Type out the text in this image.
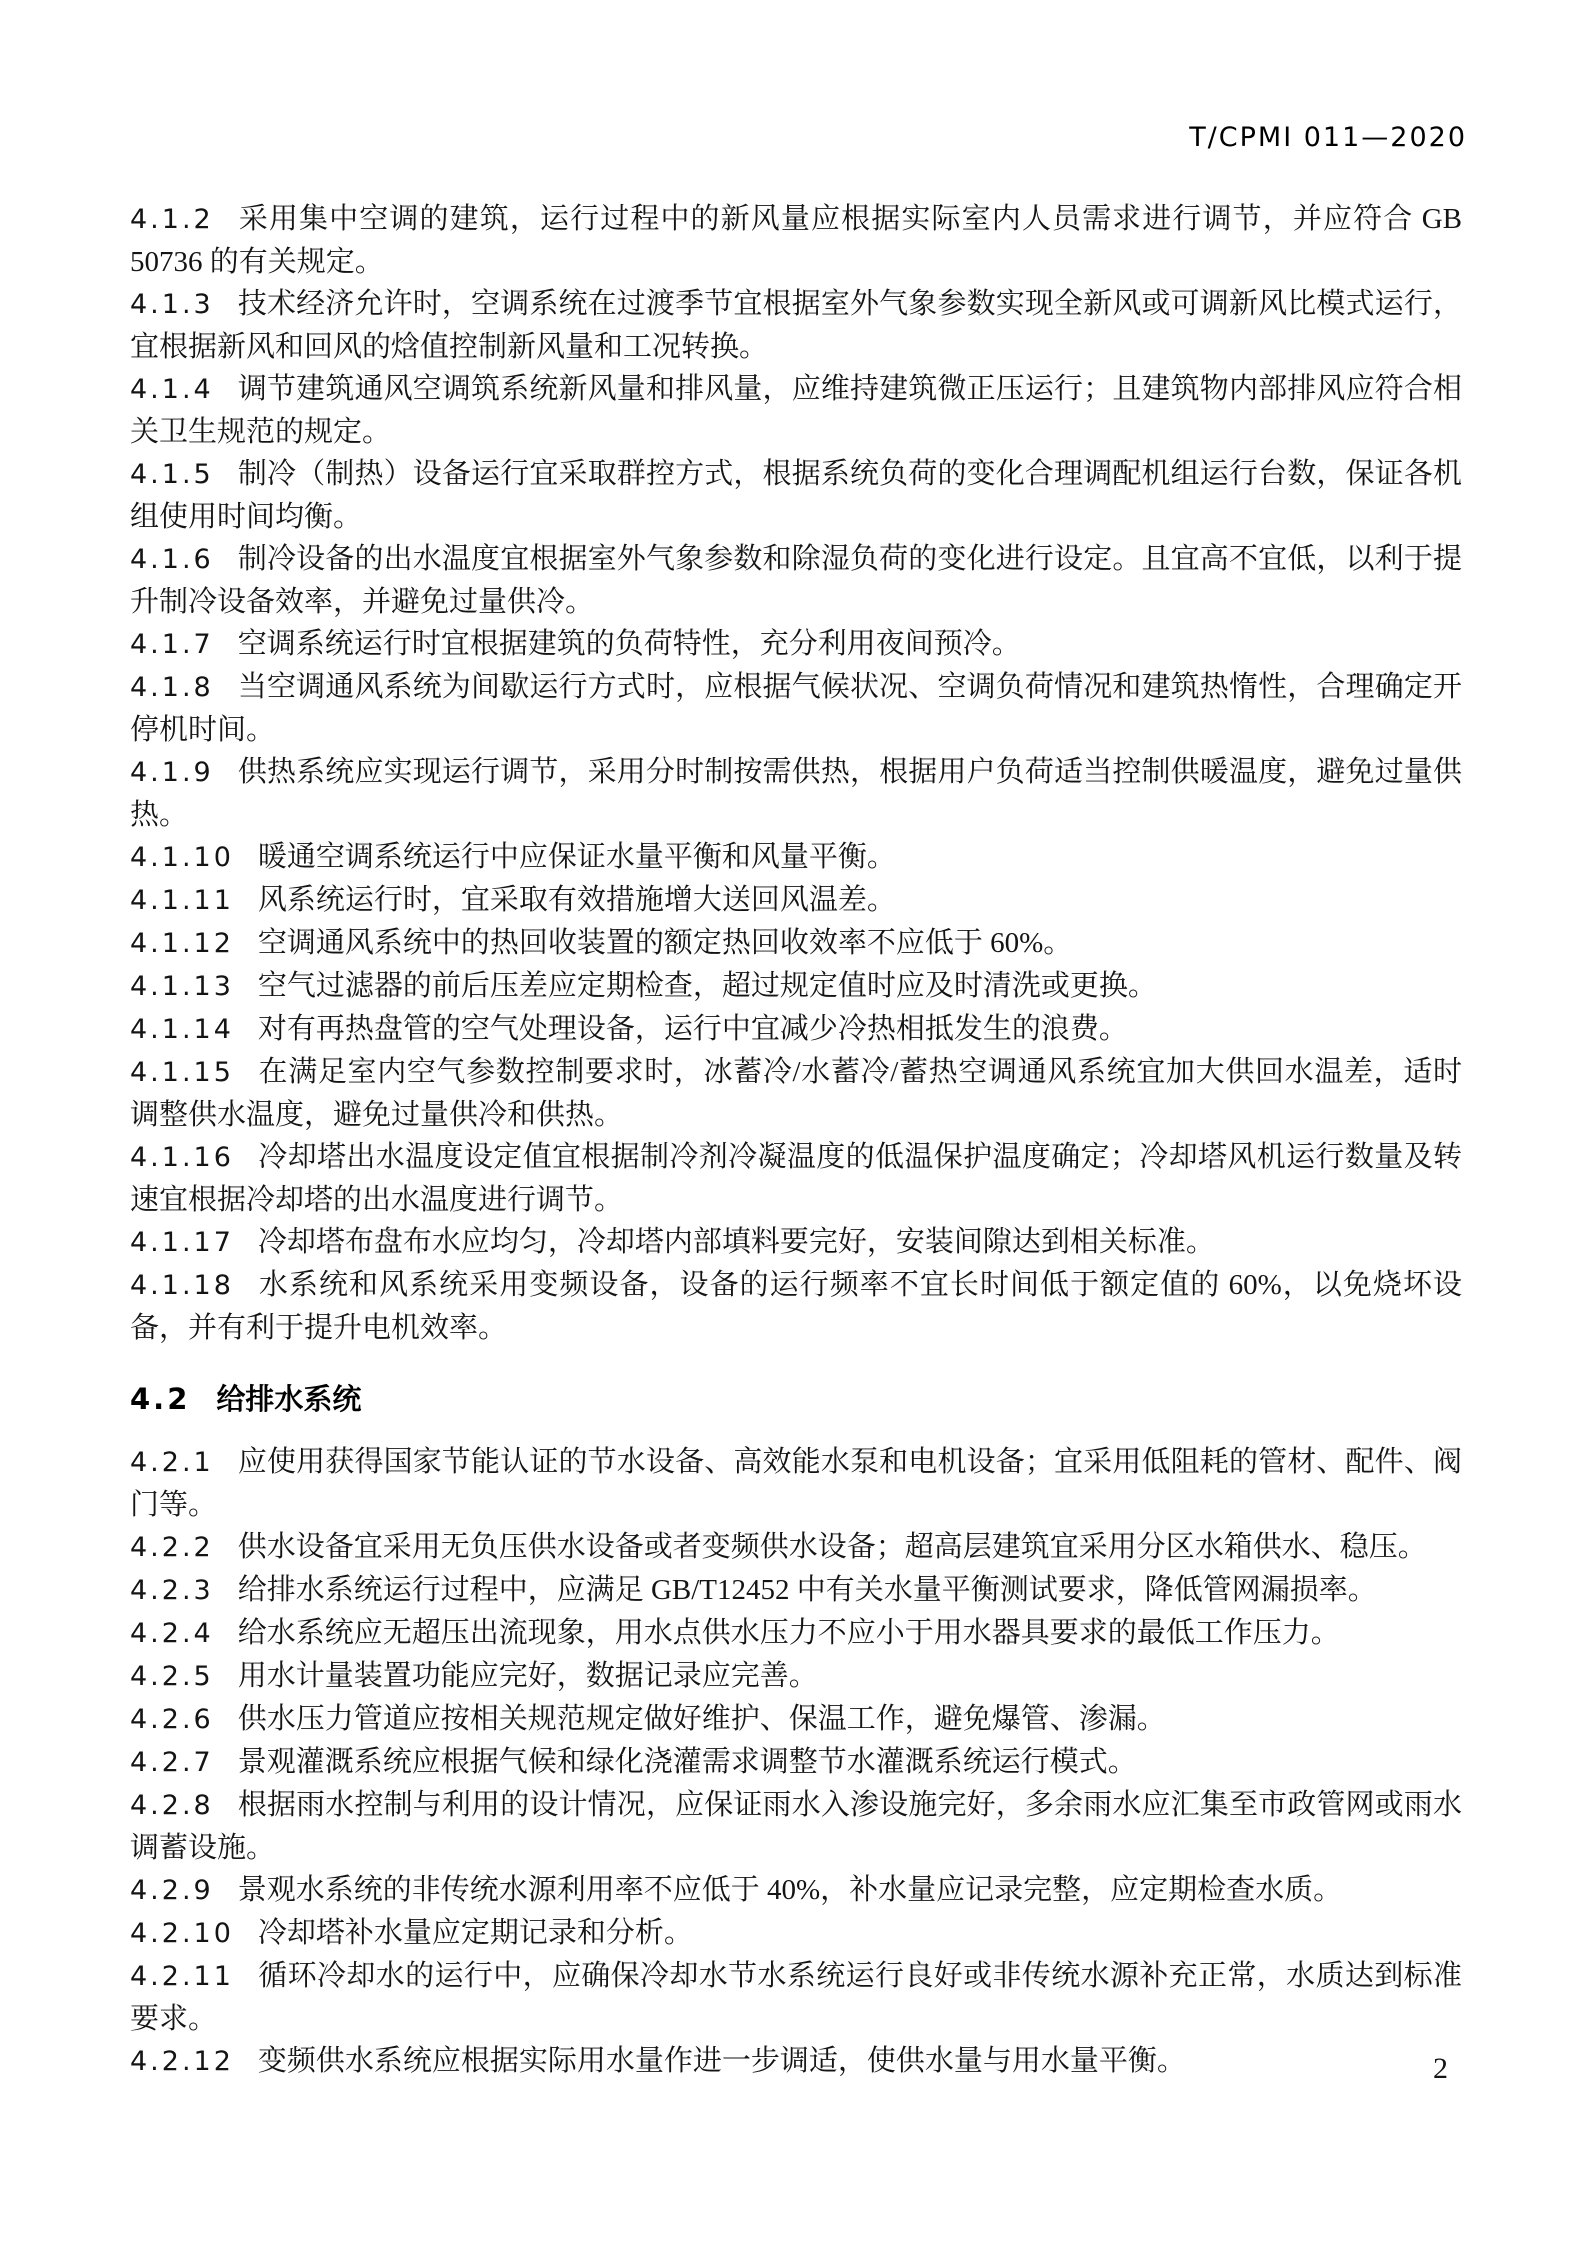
T/CPMI 011—2020

4.1.2 采用集中空调的建筑，运行过程中的新风量应根据实际室内人员需求进行调节，并应符合 GB 50736 的有关规定。

4.1.3 技术经济允许时，空调系统在过渡季节宜根据室外气象参数实现全新风或可调新风比模式运行，宜根据新风和回风的焓值控制新风量和工况转换。

4.1.4 调节建筑通风空调筑系统新风量和排风量，应维持建筑微正压运行；且建筑物内部排风应符合相关卫生规范的规定。

4.1.5 制冷（制热）设备运行宜采取群控方式，根据系统负荷的变化合理调配机组运行台数，保证各机组使用时间均衡。

4.1.6 制冷设备的出水温度宜根据室外气象参数和除湿负荷的变化进行设定。且宜高不宜低，以利于提升制冷设备效率，并避免过量供冷。

4.1.7 空调系统运行时宜根据建筑的负荷特性，充分利用夜间预冷。

4.1.8 当空调通风系统为间歇运行方式时，应根据气候状况、空调负荷情况和建筑热惰性，合理确定开停机时间。

4.1.9 供热系统应实现运行调节，采用分时制按需供热，根据用户负荷适当控制供暖温度，避免过量供热。

4.1.10 暖通空调系统运行中应保证水量平衡和风量平衡。

4.1.11 风系统运行时，宜采取有效措施增大送回风温差。

4.1.12 空调通风系统中的热回收装置的额定热回收效率不应低于 60%。

4.1.13 空气过滤器的前后压差应定期检查，超过规定值时应及时清洗或更换。

4.1.14 对有再热盘管的空气处理设备，运行中宜减少冷热相抵发生的浪费。

4.1.15 在满足室内空气参数控制要求时，冰蓄冷/水蓄冷/蓄热空调通风系统宜加大供回水温差，适时调整供水温度，避免过量供冷和供热。

4.1.16 冷却塔出水温度设定值宜根据制冷剂冷凝温度的低温保护温度确定；冷却塔风机运行数量及转速宜根据冷却塔的出水温度进行调节。

4.1.17 冷却塔布盘布水应均匀，冷却塔内部填料要完好，安装间隙达到相关标准。

4.1.18 水系统和风系统采用变频设备，设备的运行频率不宜长时间低于额定值的 60%，以免烧坏设备，并有利于提升电机效率。

4.2 给排水系统

4.2.1 应使用获得国家节能认证的节水设备、高效能水泵和电机设备；宜采用低阻耗的管材、配件、阀门等。

4.2.2 供水设备宜采用无负压供水设备或者变频供水设备；超高层建筑宜采用分区水箱供水、稳压。

4.2.3 给排水系统运行过程中，应满足 GB/T12452 中有关水量平衡测试要求，降低管网漏损率。

4.2.4 给水系统应无超压出流现象，用水点供水压力不应小于用水器具要求的最低工作压力。

4.2.5 用水计量装置功能应完好，数据记录应完善。

4.2.6 供水压力管道应按相关规范规定做好维护、保温工作，避免爆管、渗漏。

4.2.7 景观灌溉系统应根据气候和绿化浇灌需求调整节水灌溉系统运行模式。

4.2.8 根据雨水控制与利用的设计情况，应保证雨水入渗设施完好，多余雨水应汇集至市政管网或雨水调蓄设施。

4.2.9 景观水系统的非传统水源利用率不应低于 40%，补水量应记录完整，应定期检查水质。

4.2.10 冷却塔补水量应定期记录和分析。

4.2.11 循环冷却水的运行中，应确保冷却水节水系统运行良好或非传统水源补充正常，水质达到标准要求。

4.2.12 变频供水系统应根据实际用水量作进一步调适，使供水量与用水量平衡。	2
